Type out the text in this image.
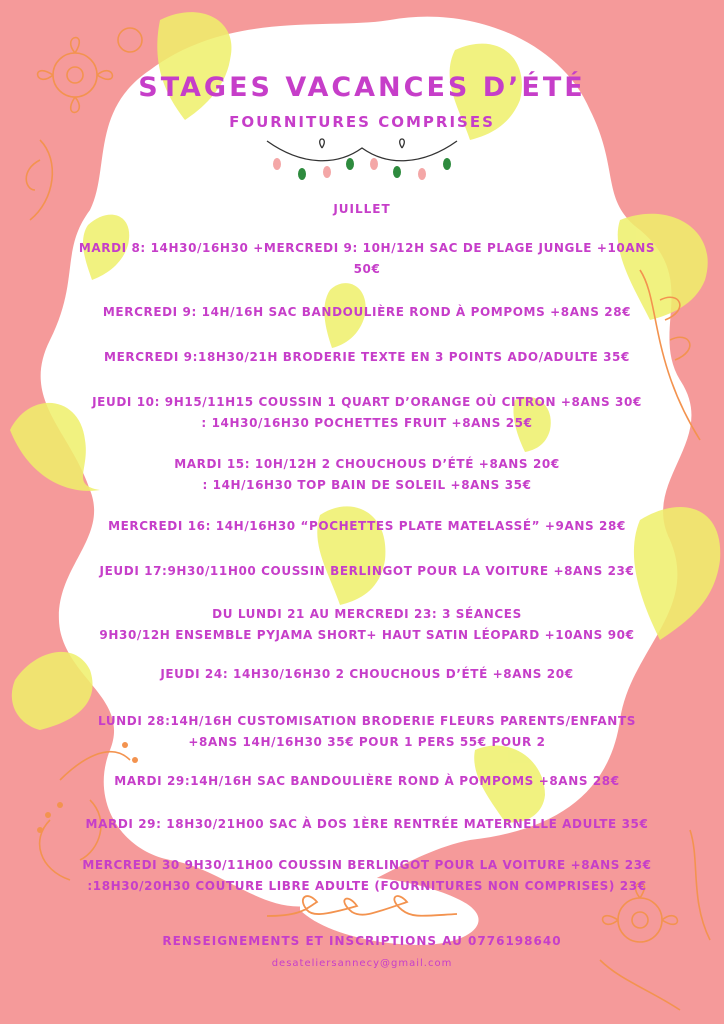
STAGES VACANCES D’ÉTÉ
FOURNITURES COMPRISES
JUILLET
MARDI 8: 14H30/16H30 +MERCREDI 9: 10H/12H SAC DE PLAGE JUNGLE +10ANS
50€
MERCREDI 9: 14H/16H SAC BANDOULIÈRE ROND À POMPOMS +8ANS 28€
MERCREDI 9:18H30/21H BRODERIE TEXTE EN 3 POINTS ADO/ADULTE 35€
JEUDI 10: 9H15/11H15 COUSSIN 1 QUART D’ORANGE OÙ CITRON +8ANS 30€
: 14H30/16H30 POCHETTES FRUIT +8ANS 25€
MARDI 15: 10H/12H 2 CHOUCHOUS D’ÉTÉ +8ANS 20€
: 14H/16H30 TOP BAIN DE SOLEIL +8ANS 35€
MERCREDI 16: 14H/16H30 “POCHETTES PLATE MATELASSÉ” +9ANS 28€
JEUDI 17:9H30/11H00 COUSSIN BERLINGOT POUR LA VOITURE +8ANS 23€
DU LUNDI 21 AU MERCREDI 23: 3 SÉANCES
9H30/12H ENSEMBLE PYJAMA SHORT+ HAUT SATIN LÉOPARD +10ANS 90€
JEUDI 24: 14H30/16H30 2 CHOUCHOUS D’ÉTÉ +8ANS 20€
LUNDI 28:14H/16H CUSTOMISATION BRODERIE FLEURS PARENTS/ENFANTS
+8ANS 14H/16H30 35€ POUR 1 PERS 55€ POUR 2
MARDI 29:14H/16H SAC BANDOULIÈRE ROND À POMPOMS +8ANS 28€
MARDI 29: 18H30/21H00 SAC À DOS 1ÈRE RENTRÉE MATERNELLE ADULTE 35€
MERCREDI 30 9H30/11H00 COUSSIN BERLINGOT POUR LA VOITURE +8ANS 23€
:18H30/20H30 COUTURE LIBRE ADULTE (FOURNITURES NON COMPRISES) 23€
RENSEIGNEMENTS ET INSCRIPTIONS AU 0776198640
desateliersannecy@gmail.com
